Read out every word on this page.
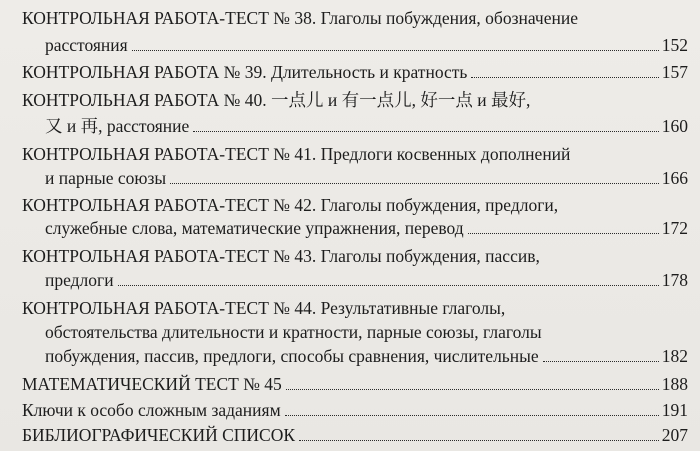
КОНТРОЛЬНАЯ РАБОТА-ТЕСТ № 38. Глаголы побуждения, обозначение
расстояния	152
КОНТРОЛЬНАЯ РАБОТА № 39. Длительность и кратность	157
КОНТРОЛЬНАЯ РАБОТА № 40. 一点儿 и 有一点儿, 好一点 и 最好,
又 и 再, расстояние	160
КОНТРОЛЬНАЯ РАБОТА-ТЕСТ № 41. Предлоги косвенных дополнений
и парные союзы	166
КОНТРОЛЬНАЯ РАБОТА-ТЕСТ № 42. Глаголы побуждения, предлоги,
служебные слова, математические упражнения, перевод	172
КОНТРОЛЬНАЯ РАБОТА-ТЕСТ № 43. Глаголы побуждения, пассив,
предлоги	178
КОНТРОЛЬНАЯ РАБОТА-ТЕСТ № 44. Результативные глаголы,
обстоятельства длительности и кратности, парные союзы, глаголы
побуждения, пассив, предлоги, способы сравнения, числительные	182
МАТЕМАТИЧЕСКИЙ ТЕСТ № 45	188
Ключи к особо сложным заданиям	191
БИБЛИОГРАФИЧЕСКИЙ СПИСОК	207
